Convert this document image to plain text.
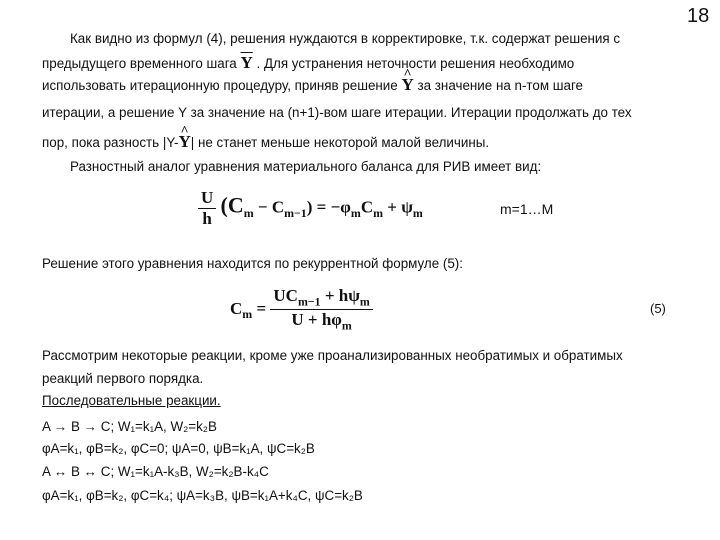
18
Как видно из формул (4), решения нуждаются в корректировке, т.к. содержат решения с
предыдущего временного шага $\overline{Y}$ . Для устранения неточности решения необходимо
использовать итерационную процедуру, приняв решение ^ Y за значение на n-том шаге
итерации, а решение Y за значение на (n+1)-вом шаге итерации. Итерации продолжать до тех
пор, пока разность |Y-^ Y| не станет меньше некоторой малой величины.
Разностный аналог уравнения материального баланса для РИВ имеет вид:
$\frac{U}{h} (C_m - C_{m-1}) = -\varphi_mC_m + \psi_m$	m=1…M
Решение этого уравнения находится по рекуррентной формуле (5):
$C_m = \frac{UC_{m-1} + h\psi_m}{U + h\varphi_m}$	(5)
Рассмотрим некоторые реакции, кроме уже проанализированных необратимых и обратимых
реакций первого порядка.
Последовательные реакции.
A → B → C; W₁=k₁A, W₂=k₂B
φA=k₁, φB=k₂, φC=0; ψA=0, ψB=k₁A, ψC=k₂B
A ↔ B ↔ C; W₁=k₁A-k₃B, W₂=k₂B-k₄C
φA=k₁, φB=k₂, φC=k₄; ψA=k₃B, ψB=k₁A+k₄C, ψC=k₂B
